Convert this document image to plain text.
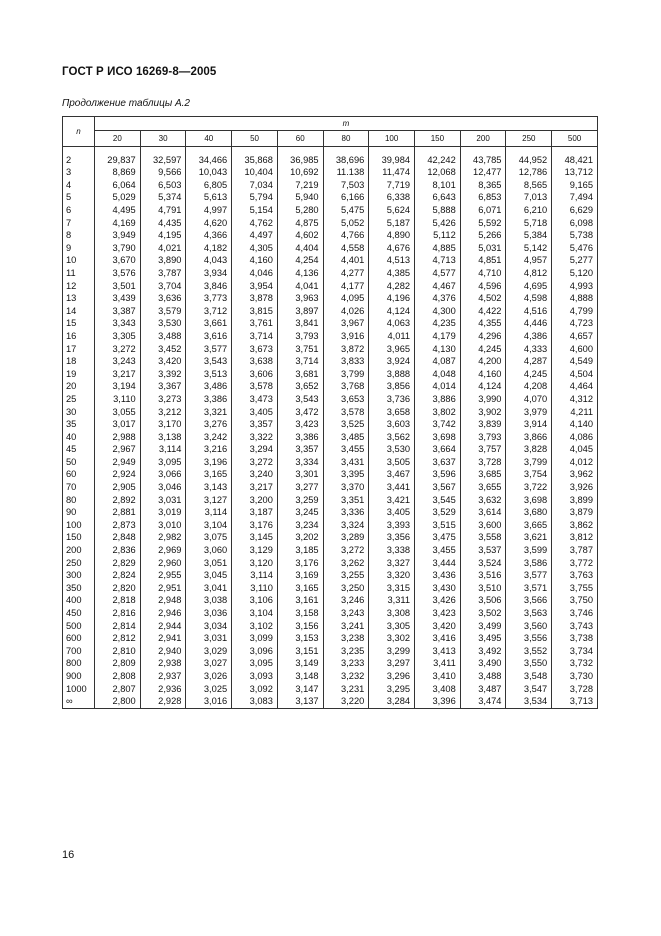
ГОСТ Р ИСО 16269-8—2005
Продолжение таблицы А.2
n	m										
	20	30	40	50	60	80	100	150	200	250	500

2	29,837	32,597	34,466	35,868	36,985	38,696	39,984	42,242	43,785	44,952	48,421
3	8,869	9,566	10,043	10,404	10,692	11.138	11,474	12,068	12,477	12,786	13,712
4	6,064	6,503	6,805	7,034	7,219	7,503	7,719	8,101	8,365	8,565	9,165
5	5,029	5,374	5,613	5,794	5,940	6,166	6,338	6,643	6,853	7,013	7,494
6	4,495	4,791	4,997	5,154	5,280	5,475	5,624	5,888	6,071	6,210	6,629
7	4,169	4,435	4,620	4,762	4,875	5,052	5,187	5,426	5,592	5,718	6,098
8	3,949	4,195	4,366	4,497	4,602	4,766	4,890	5,112	5,266	5,384	5,738
9	3,790	4,021	4,182	4,305	4,404	4,558	4,676	4,885	5,031	5,142	5,476
10	3,670	3,890	4,043	4,160	4,254	4,401	4,513	4,713	4,851	4,957	5,277
11	3,576	3,787	3,934	4,046	4,136	4,277	4,385	4,577	4,710	4,812	5,120
12	3,501	3,704	3,846	3,954	4,041	4,177	4,282	4,467	4,596	4,695	4,993
13	3,439	3,636	3,773	3,878	3,963	4,095	4,196	4,376	4,502	4,598	4,888
14	3,387	3,579	3,712	3,815	3,897	4,026	4,124	4,300	4,422	4,516	4,799
15	3,343	3,530	3,661	3,761	3,841	3,967	4,063	4,235	4,355	4,446	4,723
16	3,305	3,488	3,616	3,714	3,793	3,916	4,011	4,179	4,296	4,386	4,657
17	3,272	3,452	3,577	3,673	3,751	3,872	3,965	4,130	4,245	4,333	4,600
18	3,243	3,420	3,543	3,638	3,714	3,833	3,924	4,087	4,200	4,287	4,549
19	3,217	3,392	3,513	3,606	3,681	3,799	3,888	4,048	4,160	4,245	4,504
20	3,194	3,367	3,486	3,578	3,652	3,768	3,856	4,014	4,124	4,208	4,464
25	3,110	3,273	3,386	3,473	3,543	3,653	3,736	3,886	3,990	4,070	4,312
30	3,055	3,212	3,321	3,405	3,472	3,578	3,658	3,802	3,902	3,979	4,211
35	3,017	3,170	3,276	3,357	3,423	3,525	3,603	3,742	3,839	3,914	4,140
40	2,988	3,138	3,242	3,322	3,386	3,485	3,562	3,698	3,793	3,866	4,086
45	2,967	3,114	3,216	3,294	3,357	3,455	3,530	3,664	3,757	3,828	4,045
50	2,949	3,095	3,196	3,272	3,334	3,431	3,505	3,637	3,728	3,799	4,012
60	2,924	3,066	3,165	3,240	3,301	3,395	3,467	3,596	3,685	3,754	3,962
70	2,905	3,046	3,143	3,217	3,277	3,370	3,441	3,567	3,655	3,722	3,926
80	2,892	3,031	3,127	3,200	3,259	3,351	3,421	3,545	3,632	3,698	3,899
90	2,881	3,019	3,114	3,187	3,245	3,336	3,405	3,529	3,614	3,680	3,879
100	2,873	3,010	3,104	3,176	3,234	3,324	3,393	3,515	3,600	3,665	3,862
150	2,848	2,982	3,075	3,145	3,202	3,289	3,356	3,475	3,558	3,621	3,812
200	2,836	2,969	3,060	3,129	3,185	3,272	3,338	3,455	3,537	3,599	3,787
250	2,829	2,960	3,051	3,120	3,176	3,262	3,327	3,444	3,524	3,586	3,772
300	2,824	2,955	3,045	3,114	3,169	3,255	3,320	3,436	3,516	3,577	3,763
350	2,820	2,951	3,041	3,110	3,165	3,250	3,315	3,430	3,510	3,571	3,755
400	2,818	2,948	3,038	3,106	3,161	3,246	3,311	3,426	3,506	3,566	3,750
450	2,816	2,946	3,036	3,104	3,158	3,243	3,308	3,423	3,502	3,563	3,746
500	2,814	2,944	3,034	3,102	3,156	3,241	3,305	3,420	3,499	3,560	3,743
600	2,812	2,941	3,031	3,099	3,153	3,238	3,302	3,416	3,495	3,556	3,738
700	2,810	2,940	3,029	3,096	3,151	3,235	3,299	3,413	3,492	3,552	3,734
800	2,809	2,938	3,027	3,095	3,149	3,233	3,297	3,411	3,490	3,550	3,732
900	2,808	2,937	3,026	3,093	3,148	3,232	3,296	3,410	3,488	3,548	3,730
1000	2,807	2,936	3,025	3,092	3,147	3,231	3,295	3,408	3,487	3,547	3,728
∞	2,800	2,928	3,016	3,083	3,137	3,220	3,284	3,396	3,474	3,534	3,713
16
